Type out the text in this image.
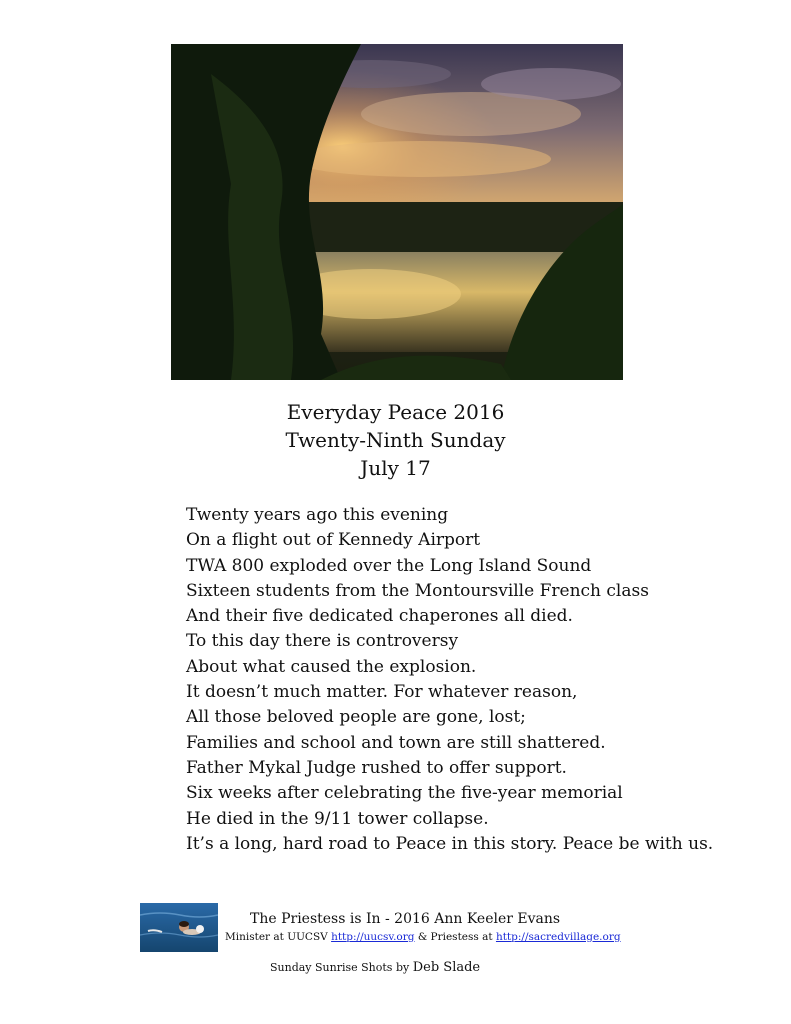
Everyday Peace 2016
Twenty-Ninth Sunday
July 17
Twenty years ago this evening
On a flight out of Kennedy Airport
TWA 800 exploded over the Long Island Sound
Sixteen students from the Montoursville French class
And their five dedicated chaperones all died.
To this day there is controversy
About what caused the explosion.
It doesn’t much matter. For whatever reason,
All those beloved people are gone, lost;
Families and school and town are still shattered.
Father Mykal Judge rushed to offer support.
Six weeks after celebrating the five-year memorial
He died in the 9/11 tower collapse.
It’s a long, hard road to Peace in this story. Peace be with us.
The Priestess is In - 2016 Ann Keeler Evans
Minister at UUCSV http://uucsv.org & Priestess at http://sacredvillage.org
Sunday Sunrise Shots by Deb Slade
